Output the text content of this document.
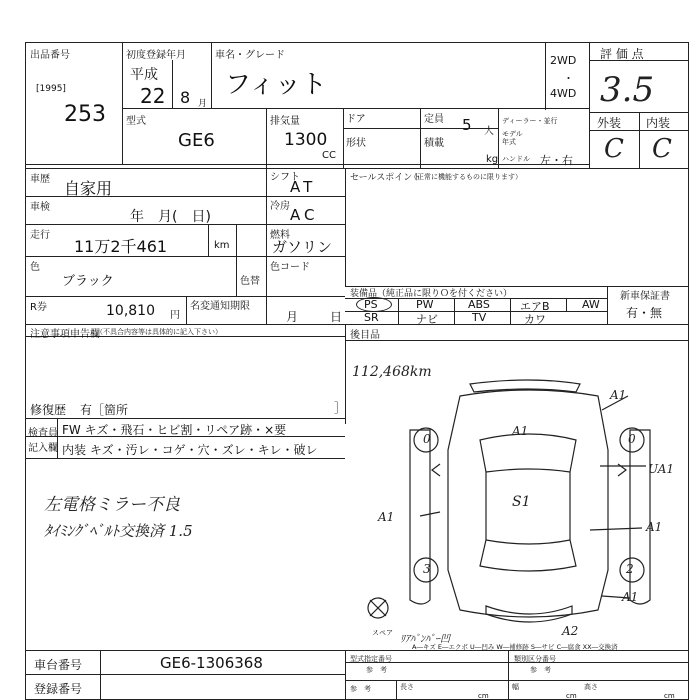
出品番号
[1995]
253
初度登録年月
平成
22 8 月
車名・グレード
フィット
2WD
・
4WD
評 価 点
3.5
外装 内装
C C
型式
GE6
排気量
1300
CC
ドア
形状
定員 5 人
積載
kg
ディーラー・並行
モデル
年式
ハンドル 左・右
車歴 自家用
シフト
AT
車検
年　月(　日)
冷房 AC
走行
11万2千461	km
燃料
ガソリン
色
ブラック	色替
色コード
R券	10,810 円
名変通知期限
月	日
セールスポイント
（正常に機能するものに限ります）
装備品（純正品に限りＯを付ください）
PS	PW	ABS	エアB	AW
SR	ナビ	TV	カワ
新車保証書
有・無
後目品
注意事項申告欄
（不具合内容等は具体的に記入下さい）
修復歴 有［箇所	］
検査員
記入欄
FW キズ・飛石・ヒビ割・リペア跡・×要
内装 キズ・汚レ・コゲ・穴・ズレ・キレ・破レ
左電格ミラー不良
ﾀｲﾐﾝｸﾞﾍﾞﾙﾄ交換済 1.5
112,468km
A1
A1
S1
UA1
A1
A1
A1
A2
0	0
3	2
スペア
ﾘｱﾊﾞﾝﾊﾟｰ凹
A―キズ E―エクボ U―凹み W―補修跡 S―サビ C―腐食 XX―交換済
車台番号	GE6-1306368
登録番号
型式指定番号
参　考
類別区分番号
参　考
参　考	長さ
cm
幅
cm
高さ
cm
